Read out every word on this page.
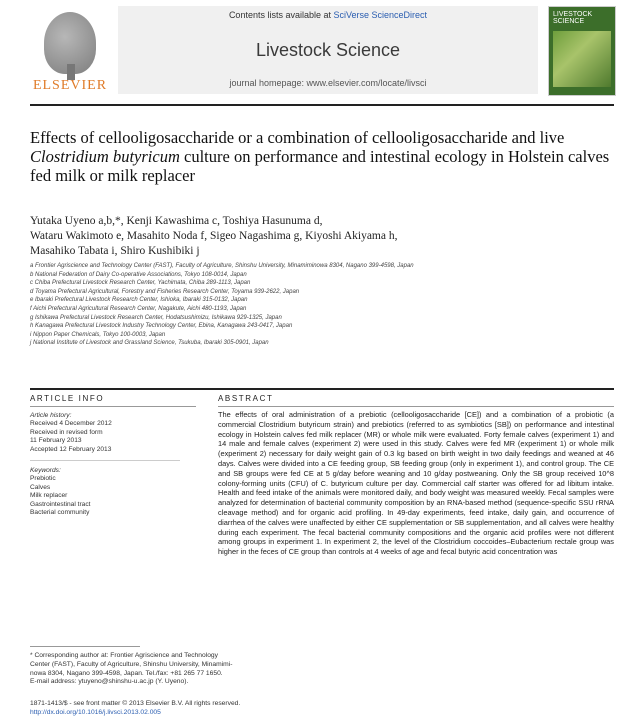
ELSEVIER
Contents lists available at SciVerse ScienceDirect
Livestock Science
journal homepage: www.elsevier.com/locate/livsci
LIVESTOCK SCIENCE
Effects of cellooligosaccharide or a combination of cellooligosaccharide and live Clostridium butyricum culture on performance and intestinal ecology in Holstein calves fed milk or milk replacer
Yutaka Uyeno a,b,*, Kenji Kawashima c, Toshiya Hasunuma d,
Wataru Wakimoto e, Masahito Noda f, Sigeo Nagashima g, Kiyoshi Akiyama h,
Masahiko Tabata i, Shiro Kushibiki j
a Frontier Agriscience and Technology Center (FAST), Faculty of Agriculture, Shinshu University, Minamiminowa 8304, Nagano 399-4598, Japan
b National Federation of Dairy Co-operative Associations, Tokyo 108-0014, Japan
c Chiba Prefectural Livestock Research Center, Yachimata, Chiba 289-1113, Japan
d Toyama Prefectural Agricultural, Forestry and Fisheries Research Center, Toyama 939-2622, Japan
e Ibaraki Prefectural Livestock Research Center, Ishioka, Ibaraki 315-0132, Japan
f Aichi Prefectural Agricultural Research Center, Nagakute, Aichi 480-1193, Japan
g Ishikawa Prefectural Livestock Research Center, Hodatsushimizu, Ishikawa 929-1325, Japan
h Kanagawa Prefectural Livestock Industry Technology Center, Ebina, Kanagawa 243-0417, Japan
i Nippon Paper Chemicals, Tokyo 100-0003, Japan
j National Institute of Livestock and Grassland Science, Tsukuba, Ibaraki 305-0901, Japan
ARTICLE INFO	ABSTRACT
Article history:
Received 4 December 2012
Received in revised form
11 February 2013
Accepted 12 February 2013
Keywords:
Prebiotic
Calves
Milk replacer
Gastrointestinal tract
Bacterial community
The effects of oral administration of a prebiotic (cellooligosaccharide [CE]) and a combination of a probiotic (a commercial Clostridium butyricum strain) and prebiotics (referred to as symbiotics [SB]) on performance and intestinal ecology in Holstein calves fed milk replacer (MR) or whole milk were evaluated. Forty female calves (experiment 1) and 14 male and female calves (experiment 2) were used in this study. Calves were fed MR (experiment 1) or whole milk (experiment 2) necessary for daily weight gain of 0.3 kg based on birth weight in two daily feedings and weaned at 46 days. Calves were divided into a CE feeding group, SB feeding group (only in experiment 1), and control group. The CE and SB groups were fed CE at 5 g/day before weaning and 10 g/day postweaning. Only the SB group received 10^8 colony-forming units (CFU) of C. butyricum culture per day. Commercial calf starter was offered for ad libitum intake. Health and feed intake of the animals were monitored daily, and body weight was measured weekly. Fecal samples were analyzed for determination of bacterial community composition by an RNA-based method (sequence-specific SSU rRNA cleavage method) and for organic acid profiling. In 49-day experiments, feed intake, daily gain, and occurrence of diarrhea of the calves were unaffected by either CE supplementation or SB supplementation, and all calves were healthy during each experiment. The fecal bacterial community compositions and the organic acid profiles were not different among groups in experiment 1. In experiment 2, the level of the Clostridium coccoides–Eubacterium rectale group was higher in the feces of CE group than controls at 4 weeks of age and fecal butyric acid concentration was
* Corresponding author at: Frontier Agriscience and Technology
Center (FAST), Faculty of Agriculture, Shinshu University, Minamimi-
nowa 8304, Nagano 399-4598, Japan. Tel./fax: +81 265 77 1650.
E-mail address: ytuyeno@shinshu-u.ac.jp (Y. Uyeno).
1871-1413/$ - see front matter © 2013 Elsevier B.V. All rights reserved.
http://dx.doi.org/10.1016/j.livsci.2013.02.005
